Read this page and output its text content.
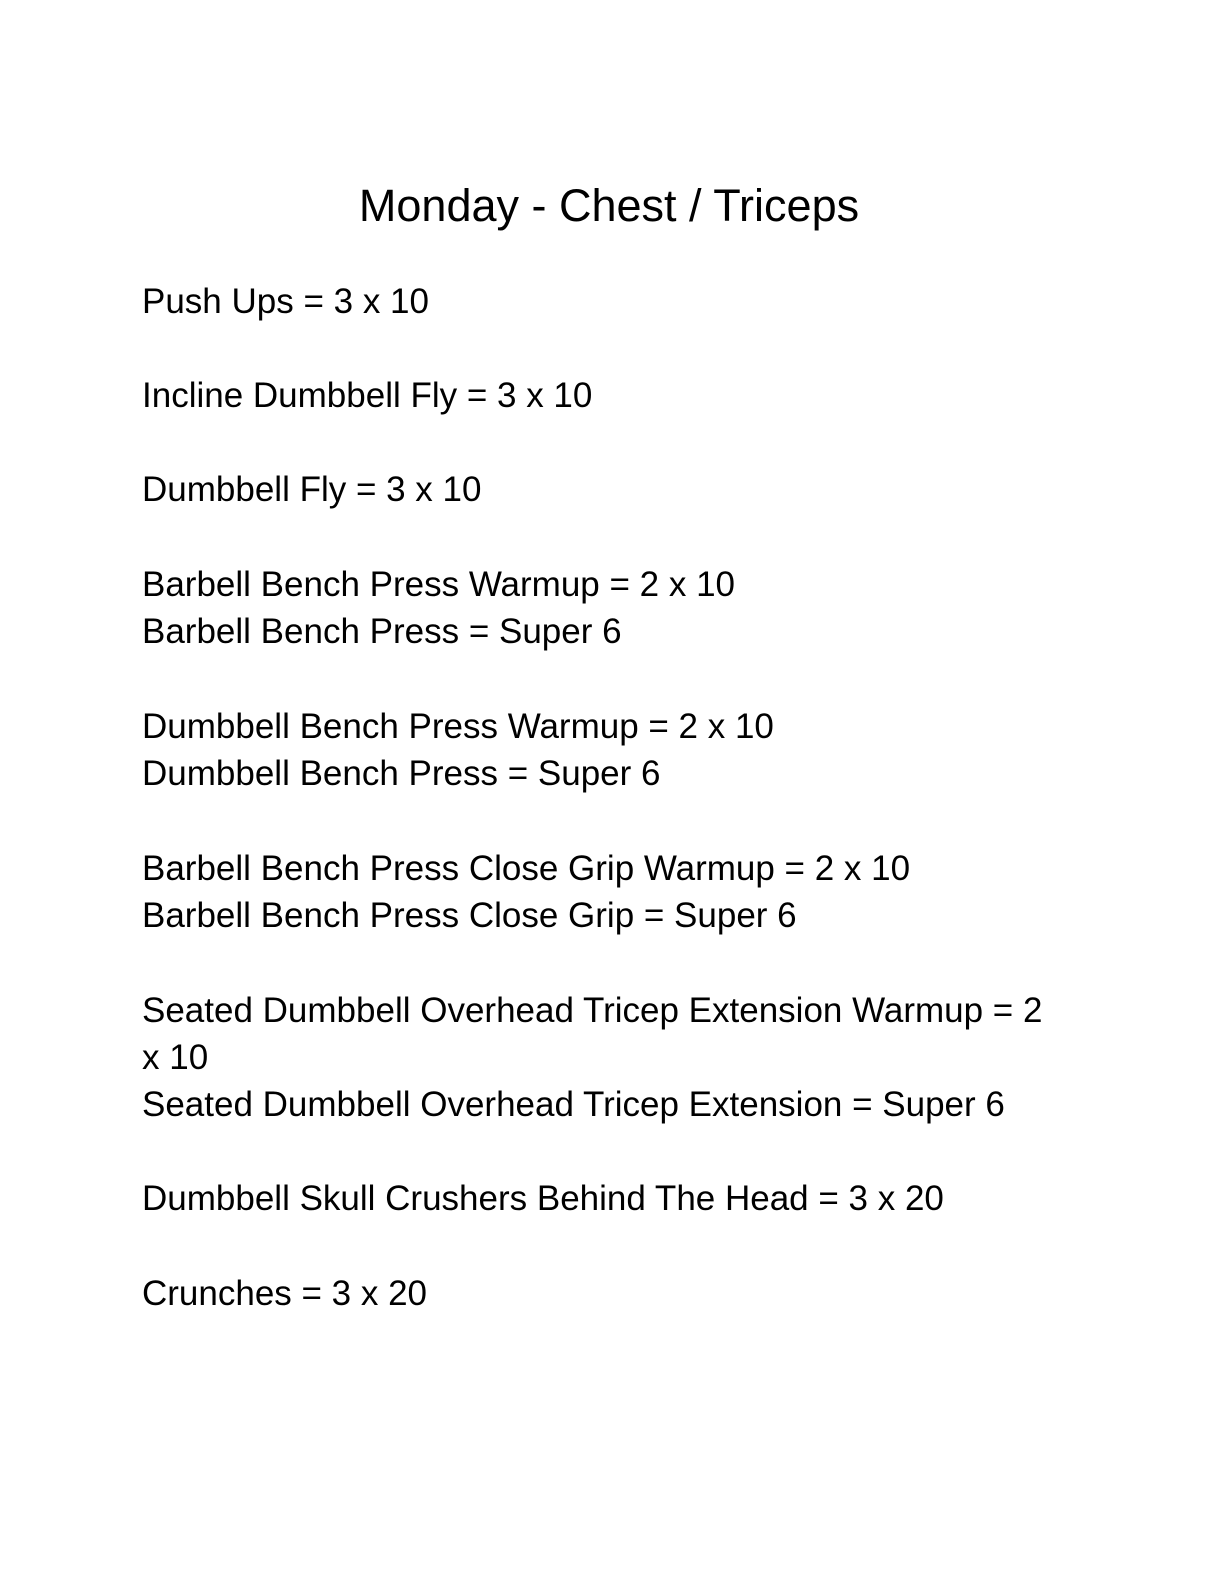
Monday - Chest / Triceps

Push Ups = 3 x 10

Incline Dumbbell Fly = 3 x 10

Dumbbell Fly = 3 x 10

Barbell Bench Press Warmup = 2 x 10

Barbell Bench Press = Super 6

Dumbbell Bench Press Warmup = 2 x 10

Dumbbell Bench Press = Super 6

Barbell Bench Press Close Grip Warmup = 2 x 10

Barbell Bench Press Close Grip = Super 6

Seated Dumbbell Overhead Tricep Extension Warmup = 2

x 10

Seated Dumbbell Overhead Tricep Extension = Super 6

Dumbbell Skull Crushers Behind The Head = 3 x 20

Crunches = 3 x 20
